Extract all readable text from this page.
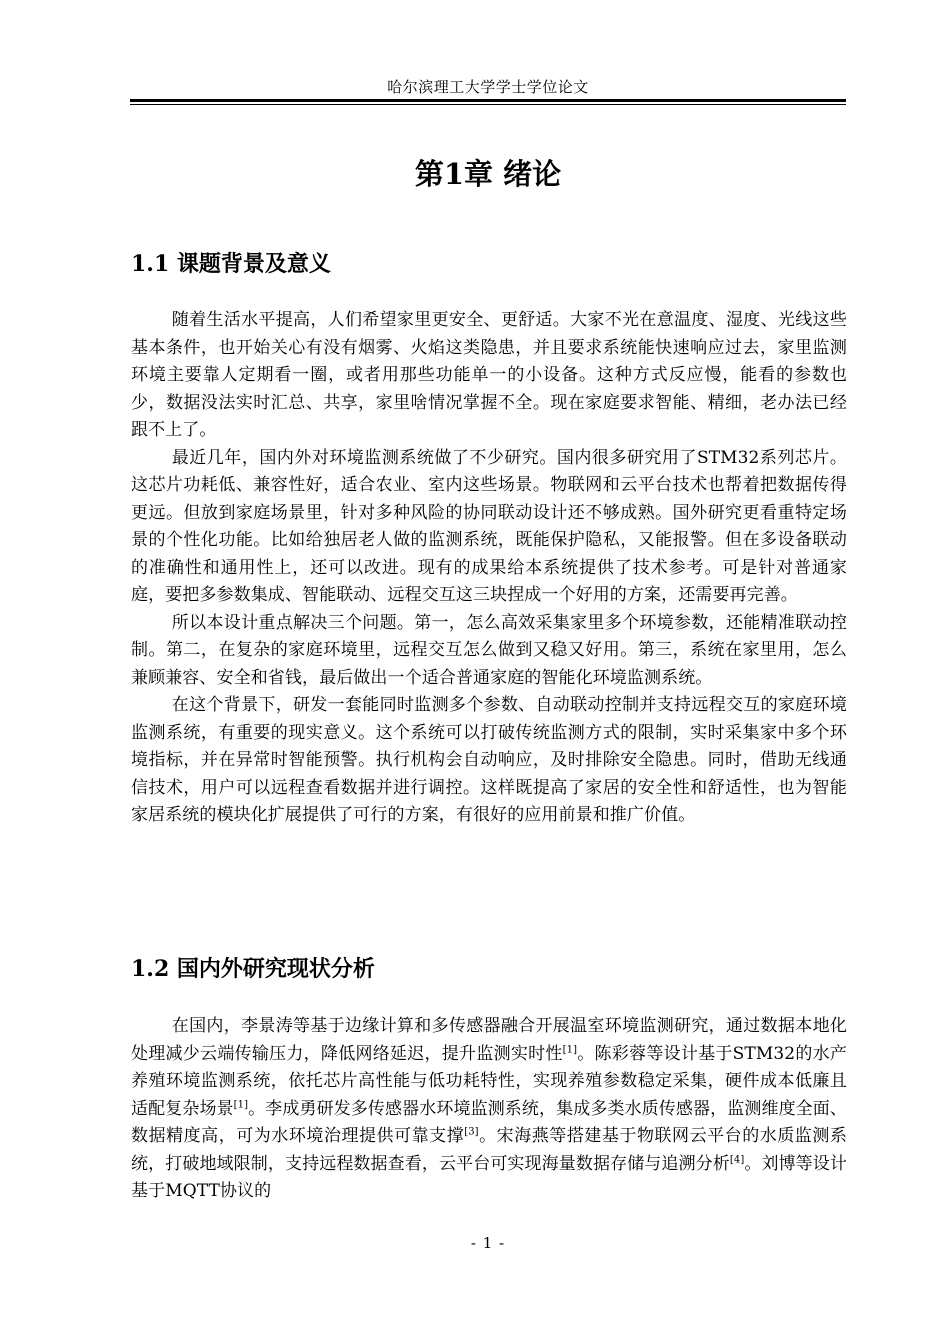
哈尔滨理工大学学士学位论文
第1章 绪论
1.1 课题背景及意义

随着生活水平提高，人们希望家里更安全、更舒适。大家不光在意温度、湿度、光线这些基本条件，也开始关心有没有烟雾、火焰这类隐患，并且要求系统能快速响应过去，家里监测环境主要靠人定期看一圈，或者用那些功能单一的小设备。这种方式反应慢，能看的参数也少，数据没法实时汇总、共享，家里啥情况掌握不全。现在家庭要求智能、精细，老办法已经跟不上了。

最近几年，国内外对环境监测系统做了不少研究。国内很多研究用了STM32系列芯片。这芯片功耗低、兼容性好，适合农业、室内这些场景。物联网和云平台技术也帮着把数据传得更远。但放到家庭场景里，针对多种风险的协同联动设计还不够成熟。国外研究更看重特定场景的个性化功能。比如给独居老人做的监测系统，既能保护隐私，又能报警。但在多设备联动的准确性和通用性上，还可以改进。现有的成果给本系统提供了技术参考。可是针对普通家庭，要把多参数集成、智能联动、远程交互这三块捏成一个好用的方案，还需要再完善。

所以本设计重点解决三个问题。第一，怎么高效采集家里多个环境参数，还能精准联动控制。第二，在复杂的家庭环境里，远程交互怎么做到又稳又好用。第三，系统在家里用，怎么兼顾兼容、安全和省钱，最后做出一个适合普通家庭的智能化环境监测系统。

在这个背景下，研发一套能同时监测多个参数、自动联动控制并支持远程交互的家庭环境监测系统，有重要的现实意义。这个系统可以打破传统监测方式的限制，实时采集家中多个环境指标，并在异常时智能预警。执行机构会自动响应，及时排除安全隐患。同时，借助无线通信技术，用户可以远程查看数据并进行调控。这样既提高了家居的安全性和舒适性，也为智能家居系统的模块化扩展提供了可行的方案，有很好的应用前景和推广价值。

1.2 国内外研究现状分析

在国内，李景涛等基于边缘计算和多传感器融合开展温室环境监测研究，通过数据本地化处理减少云端传输压力，降低网络延迟，提升监测实时性[1]。陈彩蓉等设计基于STM32的水产养殖环境监测系统，依托芯片高性能与低功耗特性，实现养殖参数稳定采集，硬件成本低廉且适配复杂场景[1]。李成勇研发多传感器水环境监测系统，集成多类水质传感器，监测维度全面、数据精度高，可为水环境治理提供可靠支撑[3]。宋海燕等搭建基于物联网云平台的水质监测系统，打破地域限制，支持远程数据查看，云平台可实现海量数据存储与追溯分析[4]。刘博等设计基于MQTT协议的

- 1 -
